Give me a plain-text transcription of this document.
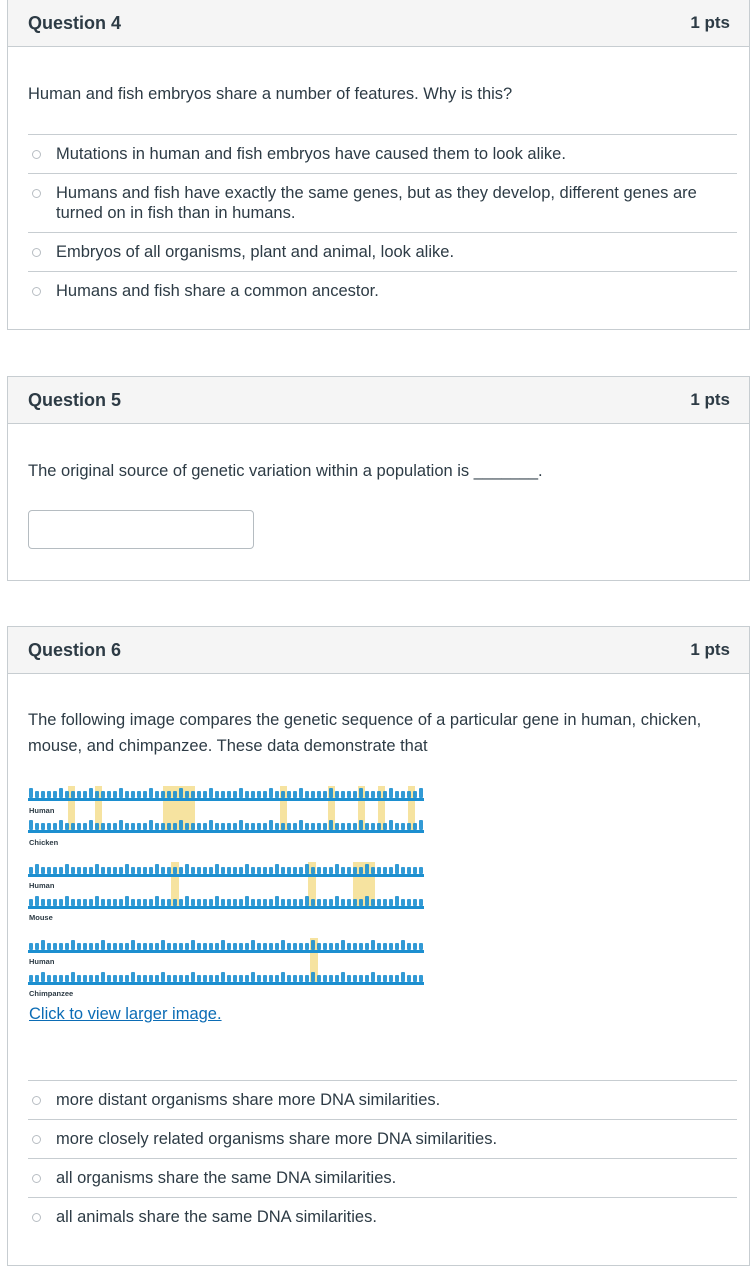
Question 4	1 pts
Human and fish embryos share a number of features. Why is this?
Mutations in human and fish embryos have caused them to look alike.
Humans and fish have exactly the same genes, but as they develop, different genes are turned on in fish than in humans.
Embryos of all organisms, plant and animal, look alike.
Humans and fish share a common ancestor.
Question 5	1 pts
The original source of genetic variation within a population is _______.
Question 6	1 pts
The following image compares the genetic sequence of a particular gene in human, chicken, mouse, and chimpanzee. These data demonstrate that
Human
Chicken
Human
Mouse
Human
Chimpanzee
Click to view larger image.
more distant organisms share more DNA similarities.
more closely related organisms share more DNA similarities.
all organisms share the same DNA similarities.
all animals share the same DNA similarities.
